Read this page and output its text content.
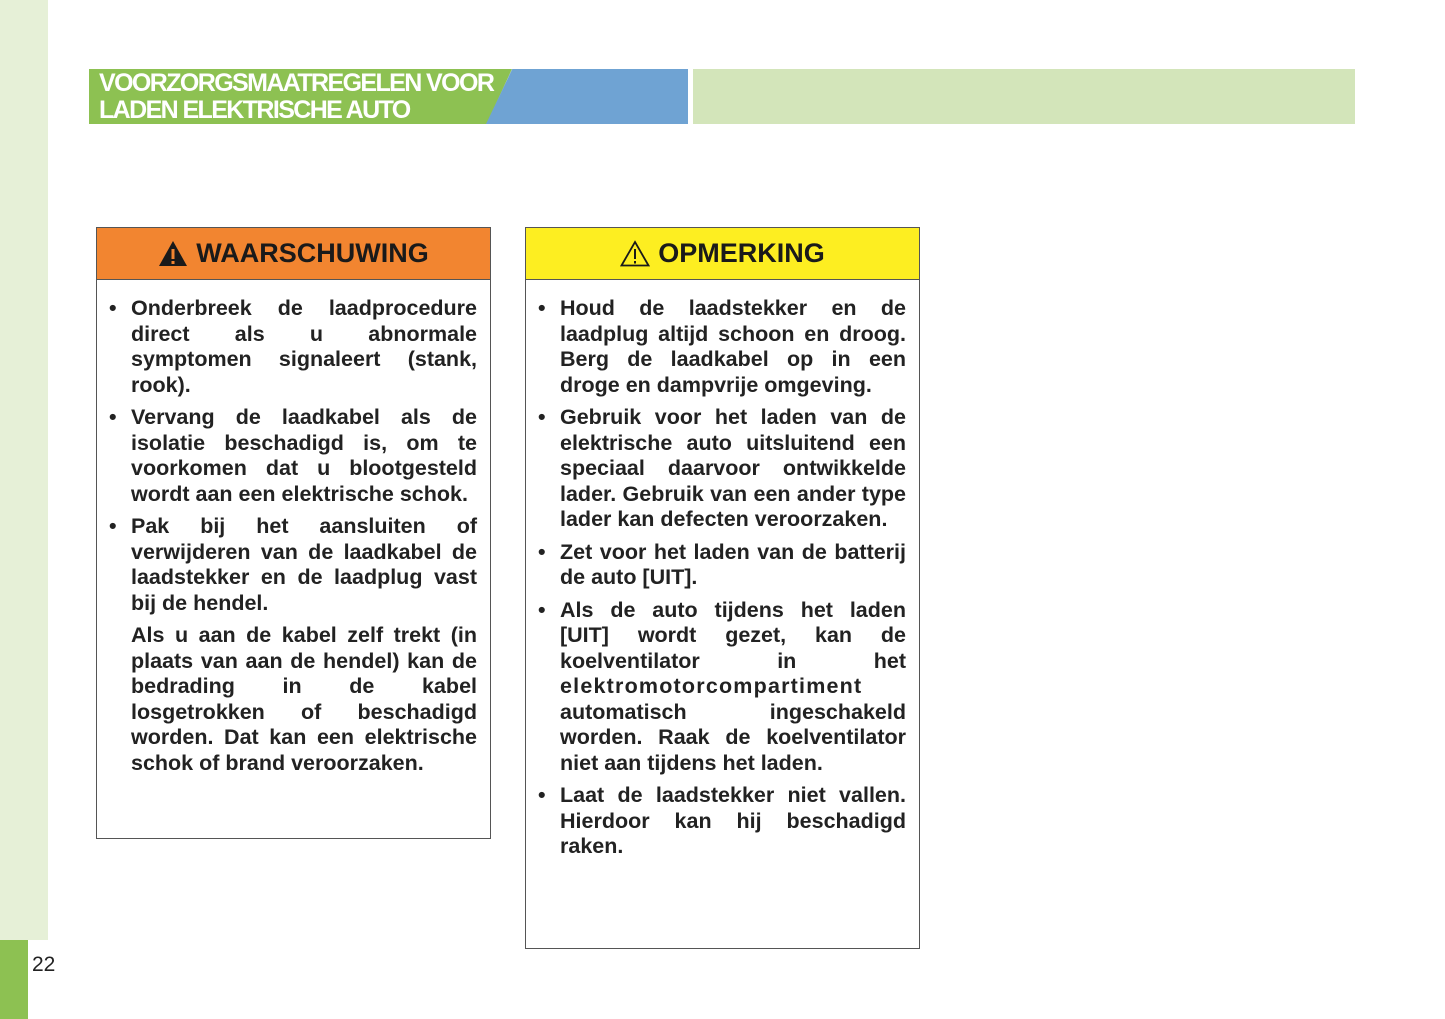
22
VOORZORGSMAATREGELEN VOOR
LADEN ELEKTRISCHE AUTO
WAARSCHUWING
• Onderbreek de laadprocedure direct als u abnormale symptomen signaleert (stank, rook).
• Vervang de laadkabel als de isolatie beschadigd is, om te voorkomen dat u blootgesteld wordt aan een elektrische schok.
• Pak bij het aansluiten of verwijderen van de laadkabel de laadstekker en de laadplug vast bij de hendel.
Als u aan de kabel zelf trekt (in plaats van aan de hendel) kan de bedrading in de kabel losgetrokken of beschadigd worden. Dat kan een elektrische schok of brand veroorzaken.
OPMERKING
• Houd de laadstekker en de laadplug altijd schoon en droog. Berg de laadkabel op in een droge en dampvrije omgeving.
• Gebruik voor het laden van de elektrische auto uitsluitend een speciaal daarvoor ontwikkelde lader. Gebruik van een ander type lader kan defecten veroorzaken.
• Zet voor het laden van de batterij de auto [UIT].
• Als de auto tijdens het laden [UIT] wordt gezet, kan de koelventilator in het elektromotorcompartiment automatisch ingeschakeld worden. Raak de koelventilator niet aan tijdens het laden.
• Laat de laadstekker niet vallen. Hierdoor kan hij beschadigd raken.
